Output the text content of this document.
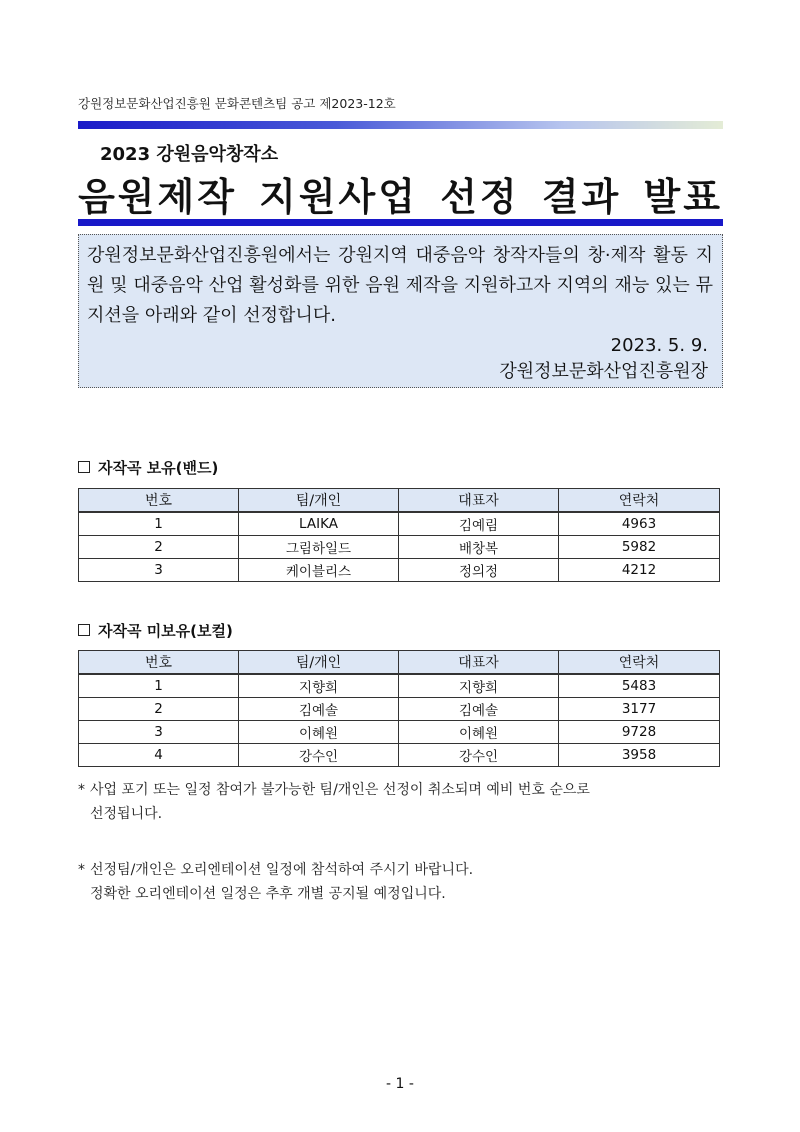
강원정보문화산업진흥원 문화콘텐츠팀 공고 제2023-12호
2023 강원음악창작소
음원제작 지원사업 선정 결과 발표
강원정보문화산업진흥원에서는 강원지역 대중음악 창작자들의 창·제작 활동 지원 및 대중음악 산업 활성화를 위한 음원 제작을 지원하고자 지역의 재능 있는 뮤지션을 아래와 같이 선정합니다.
2023. 5. 9.
강원정보문화산업진흥원장
자작곡 보유(밴드)
번호	팀/개인	대표자	연락처
1	LAIKA	김예림	4963
2	그림하일드	배창복	5982
3	케이블리스	정의정	4212
자작곡 미보유(보컬)
번호	팀/개인	대표자	연락처
1	지향희	지향희	5483
2	김예솔	김예솔	3177
3	이혜원	이혜원	9728
4	강수인	강수인	3958
* 사업 포기 또는 일정 참여가 불가능한 팀/개인은 선정이 취소되며 예비 번호 순으로
선정됩니다.
* 선정팀/개인은 오리엔테이션 일정에 참석하여 주시기 바랍니다.
정확한 오리엔테이션 일정은 추후 개별 공지될 예정입니다.
- 1 -
